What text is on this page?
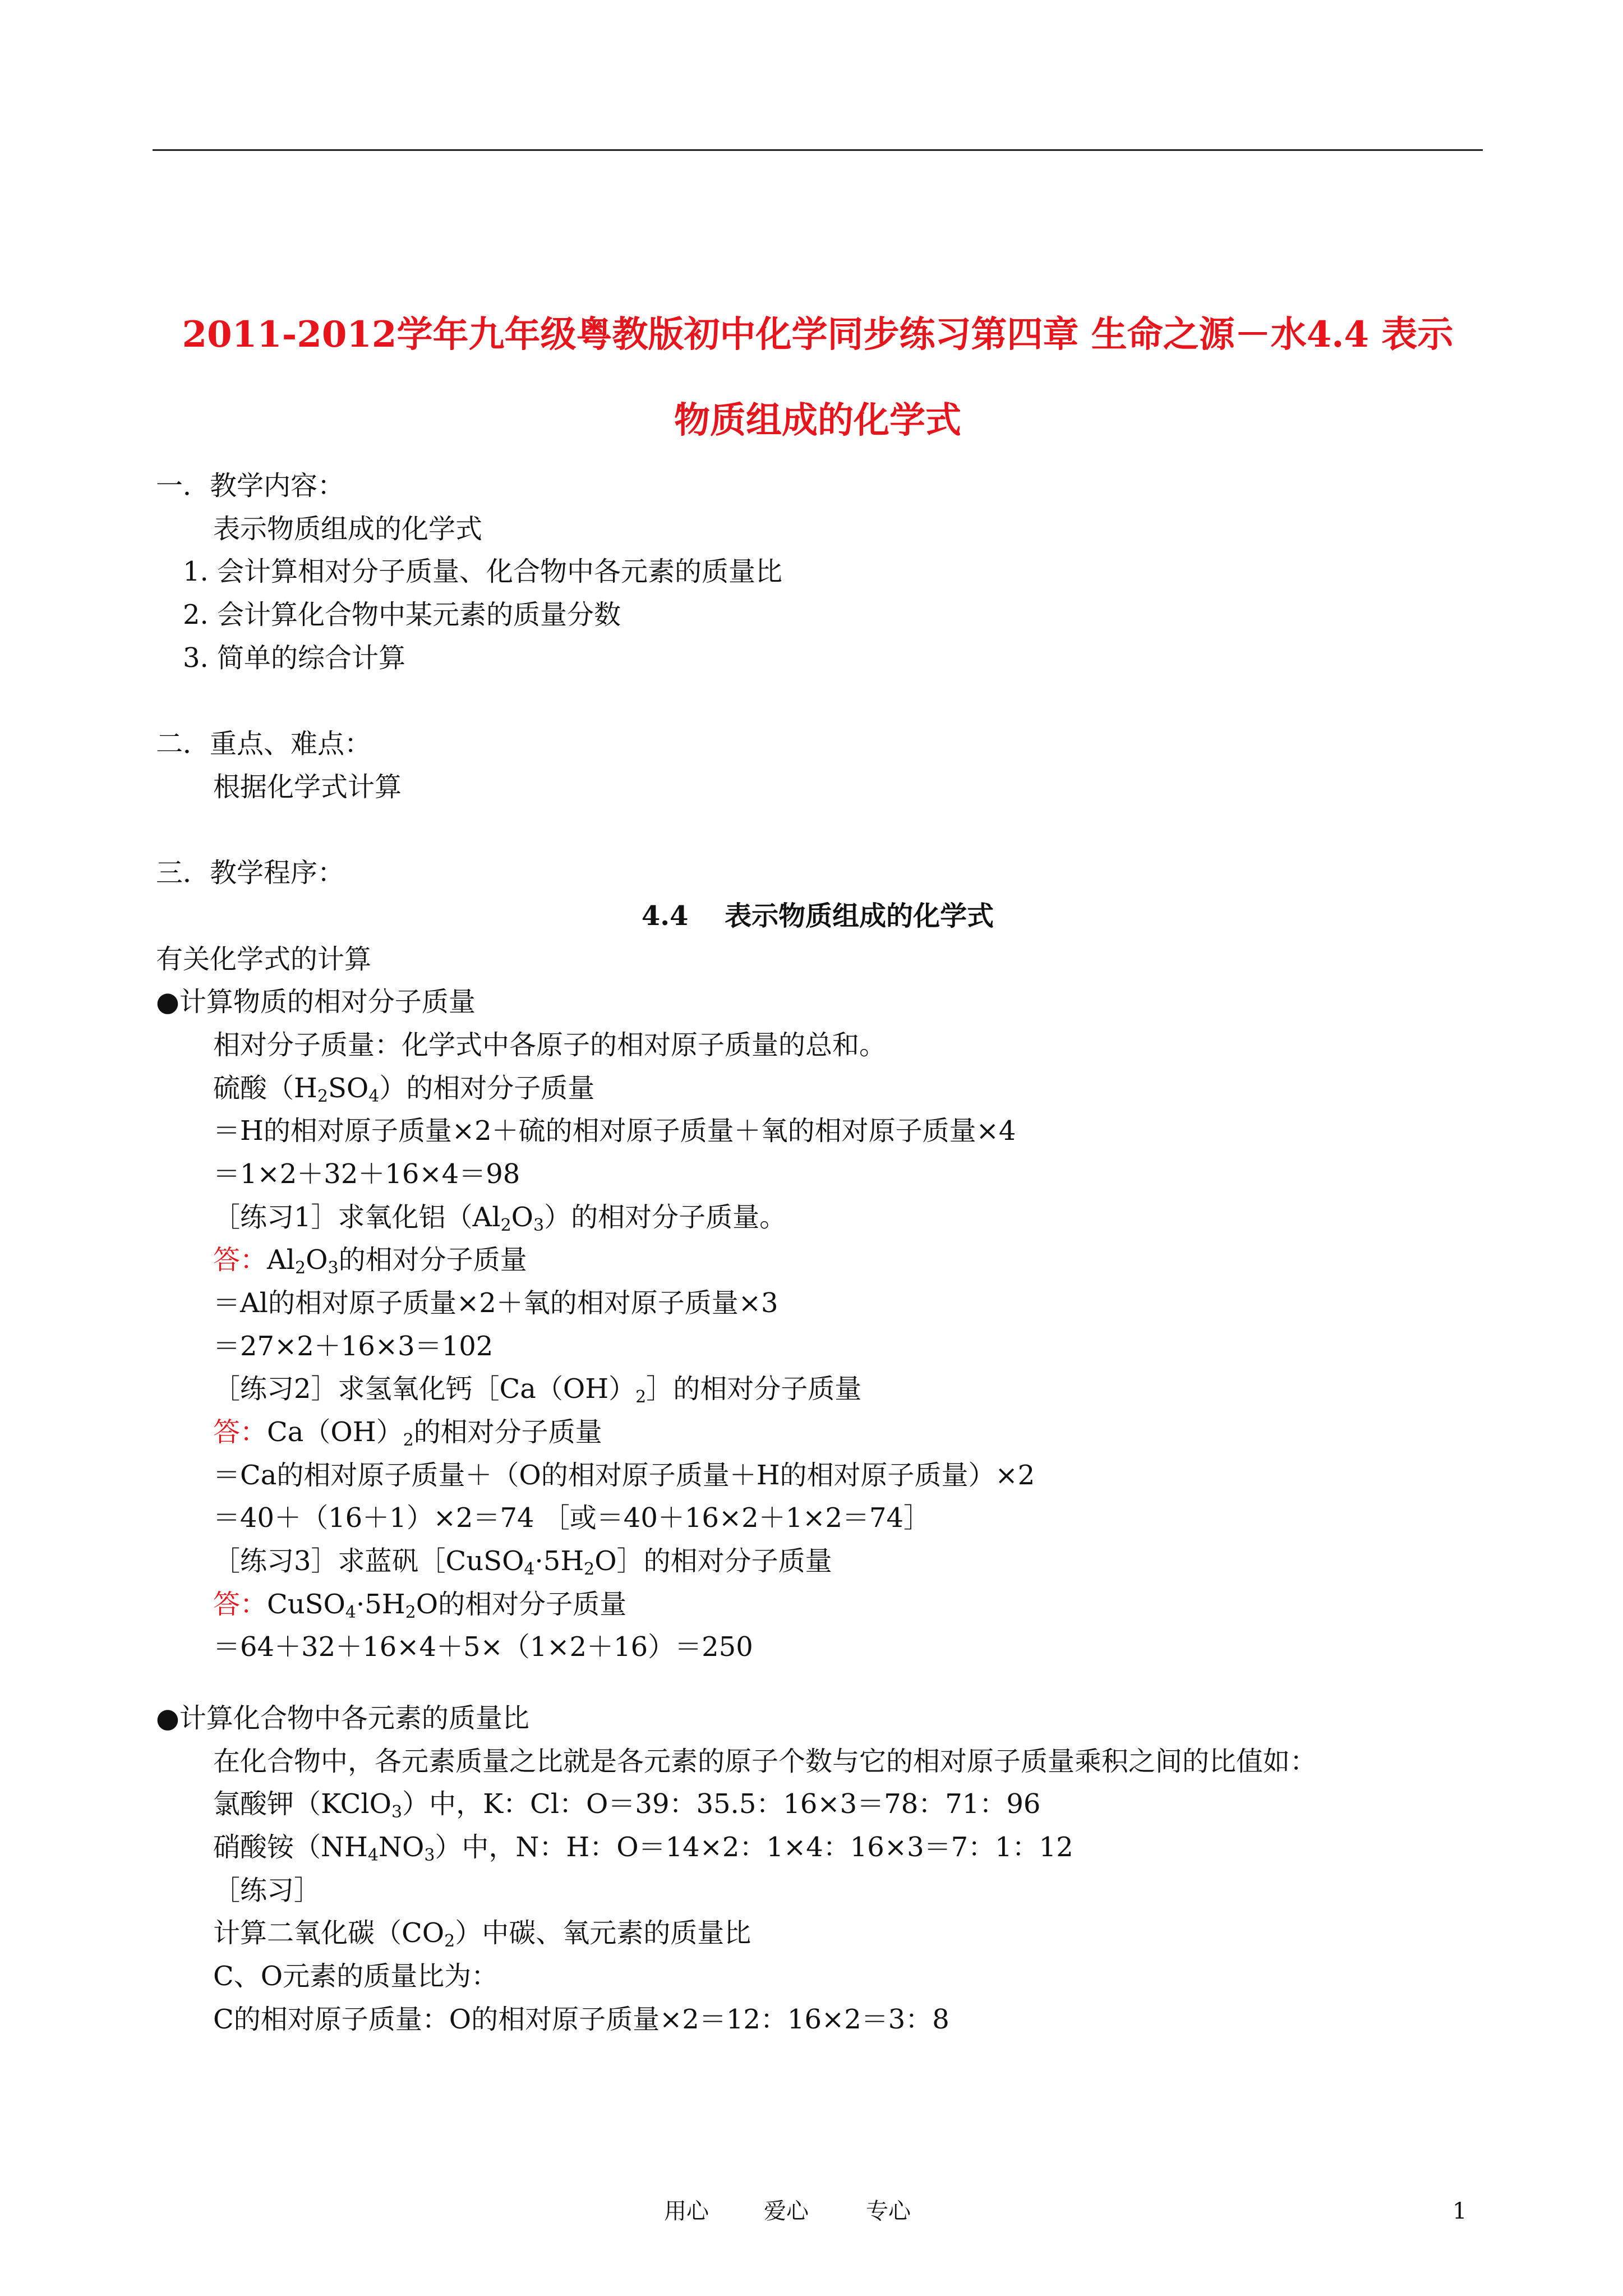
2011-2012学年九年级粤教版初中化学同步练习第四章 生命之源－水4.4 表示
物质组成的化学式
一．教学内容：
表示物质组成的化学式
1. 会计算相对分子质量、化合物中各元素的质量比
2. 会计算化合物中某元素的质量分数
3. 简单的综合计算
二．重点、难点：
根据化学式计算
三．教学程序：
4.4　 表示物质组成的化学式
有关化学式的计算
●计算物质的相对分子质量
相对分子质量：化学式中各原子的相对原子质量的总和。
硫酸$(H_2SO_4)$的相对分子质量
＝H的相对原子质量×2＋硫的相对原子质量＋氧的相对原子质量×4
＝1×2＋32＋16×4＝98
［练习1］求氧化铝$(Al_2O_3)$的相对分子质量。
答：$Al_2O_3$的相对分子质量
＝Al的相对原子质量×2＋氧的相对原子质量×3
＝27×2＋16×3＝102
［练习2］求氢氧化钙$[Ca(OH)_2]$的相对分子质量
答：$Ca(OH)_2$的相对分子质量
＝Ca的相对原子质量＋（O的相对原子质量＋H的相对原子质量）×2
＝40＋（16＋1）×2＝74 ［或＝40＋16×2＋1×2＝74］
［练习3］求蓝矾$[CuSO_4\cdot 5H_2O]$的相对分子质量
答：$CuSO_4\cdot 5H_2O$的相对分子质量
＝64＋32＋16×4＋5×（1×2＋16）＝250
●计算化合物中各元素的质量比
在化合物中，各元素质量之比就是各元素的原子个数与它的相对原子质量乘积之间的比值如：
氯酸钾（KClO$_3$）中，K：Cl：O＝39：35.5：16×3＝78：71：96
硝酸铵$(NH_4NO_3)$中，N：H：O＝14×2：1×4：16×3＝7：1：12
［练习］
计算二氧化碳$(CO_2)$中碳、氧元素的质量比
C、O元素的质量比为：
C的相对原子质量：O的相对原子质量×2＝12：16×2＝3：8
用心 爱心	专心	1
